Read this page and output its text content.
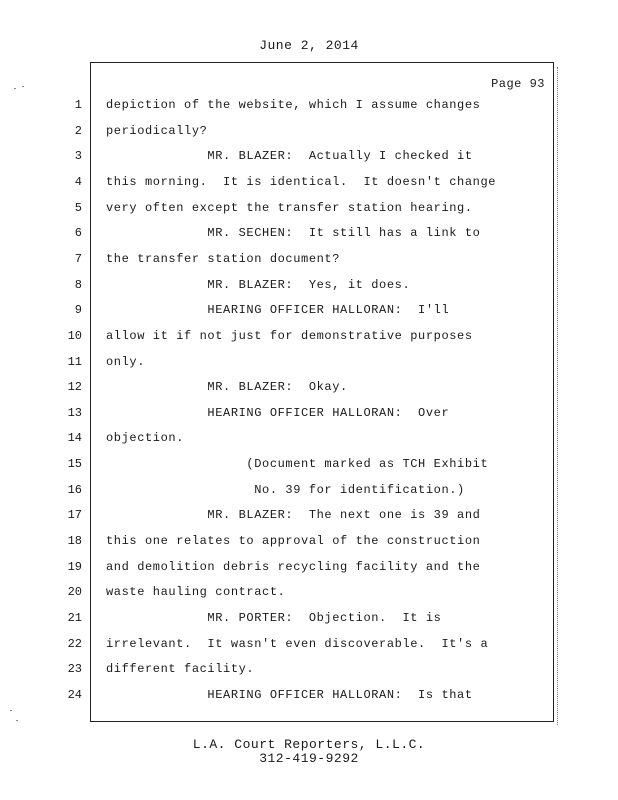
June 2, 2014
Page 93
1 depiction of the website, which I assume changes
2 periodically?
3 MR. BLAZER:  Actually I checked it
4 this morning.  It is identical.  It doesn't change
5 very often except the transfer station hearing.
6 MR. SECHEN:  It still has a link to
7 the transfer station document?
8 MR. BLAZER:  Yes, it does.
9 HEARING OFFICER HALLORAN:  I'll
10 allow it if not just for demonstrative purposes
11 only.
12 MR. BLAZER:  Okay.
13 HEARING OFFICER HALLORAN:  Over
14 objection.
15 (Document marked as TCH Exhibit
16 No. 39 for identification.)
17 MR. BLAZER:  The next one is 39 and
18 this one relates to approval of the construction
19 and demolition debris recycling facility and the
20 waste hauling contract.
21 MR. PORTER:  Objection.  It is
22 irrelevant.  It wasn't even discoverable.  It's a
23 different facility.
24 HEARING OFFICER HALLORAN:  Is that
L.A. Court Reporters, L.L.C.
312-419-9292
